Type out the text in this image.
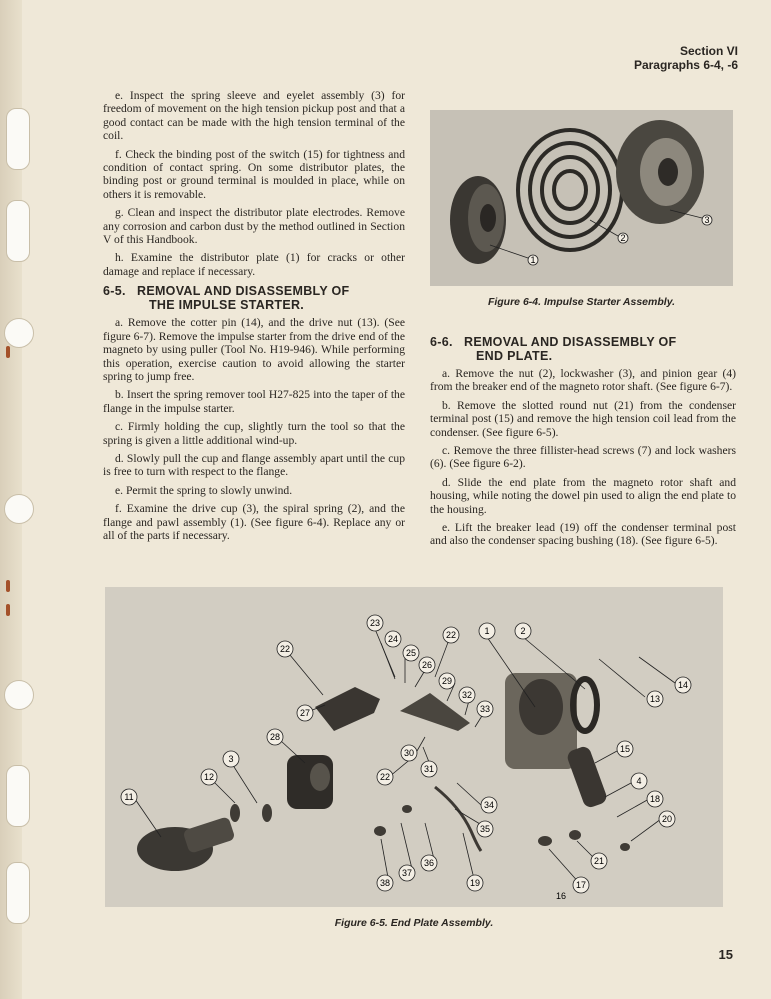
Section VI
Paragraphs 6-4, -6

e. Inspect the spring sleeve and eyelet assembly (3) for freedom of movement on the high tension pickup post and that a good contact can be made with the high tension terminal of the coil.

f. Check the binding post of the switch (15) for tightness and condition of contact spring. On some distributor plates, the binding post or ground terminal is moulded in place, while on others it is removable.

g. Clean and inspect the distributor plate electrodes. Remove any corrosion and carbon dust by the method outlined in Section V of this Handbook.

h. Examine the distributor plate (1) for cracks or other damage and replace if necessary.

6-5. REMOVAL AND DISASSEMBLY OF
THE IMPULSE STARTER.

a. Remove the cotter pin (14), and the drive nut (13). (See figure 6-7). Remove the impulse starter from the drive end of the magneto by using puller (Tool No. H19-946). While performing this operation, exercise caution to avoid allowing the starter spring to jump free.

b. Insert the spring remover tool H27-825 into the taper of the flange in the impulse starter.

c. Firmly holding the cup, slightly turn the tool so that the spring is given a little additional wind-up.

d. Slowly pull the cup and flange assembly apart until the cup is free to turn with respect to the flange.

e. Permit the spring to slowly unwind.

f. Examine the drive cup (3), the spiral spring (2), and the flange and pawl assembly (1). (See figure 6-4). Replace any or all of the parts if necessary.

1
2
3
Figure 6-4. Impulse Starter Assembly.
6-6. REMOVAL AND DISASSEMBLY OF
END PLATE.

a. Remove the nut (2), lockwasher (3), and pinion gear (4) from the breaker end of the magneto rotor shaft. (See figure 6-7).

b. Remove the slotted round nut (21) from the condenser terminal post (15) and remove the high tension coil lead from the condenser. (See figure 6-5).

c. Remove the three fillister-head screws (7) and lock washers (6). (See figure 6-2).

d. Slide the end plate from the magneto rotor shaft and housing, while noting the dowel pin used to align the end plate to the housing.

e. Lift the breaker lead (19) off the condenser terminal post and also the condenser spacing bushing (18). (See figure 6-5).

23
24	22	1	2
22	25
26
27
29
32
33
28
3
13
14
12
11
30
31
22
15
4
18
34
20
21
35
36
37
38	19	17
16
Figure 6-5. End Plate Assembly.
15
